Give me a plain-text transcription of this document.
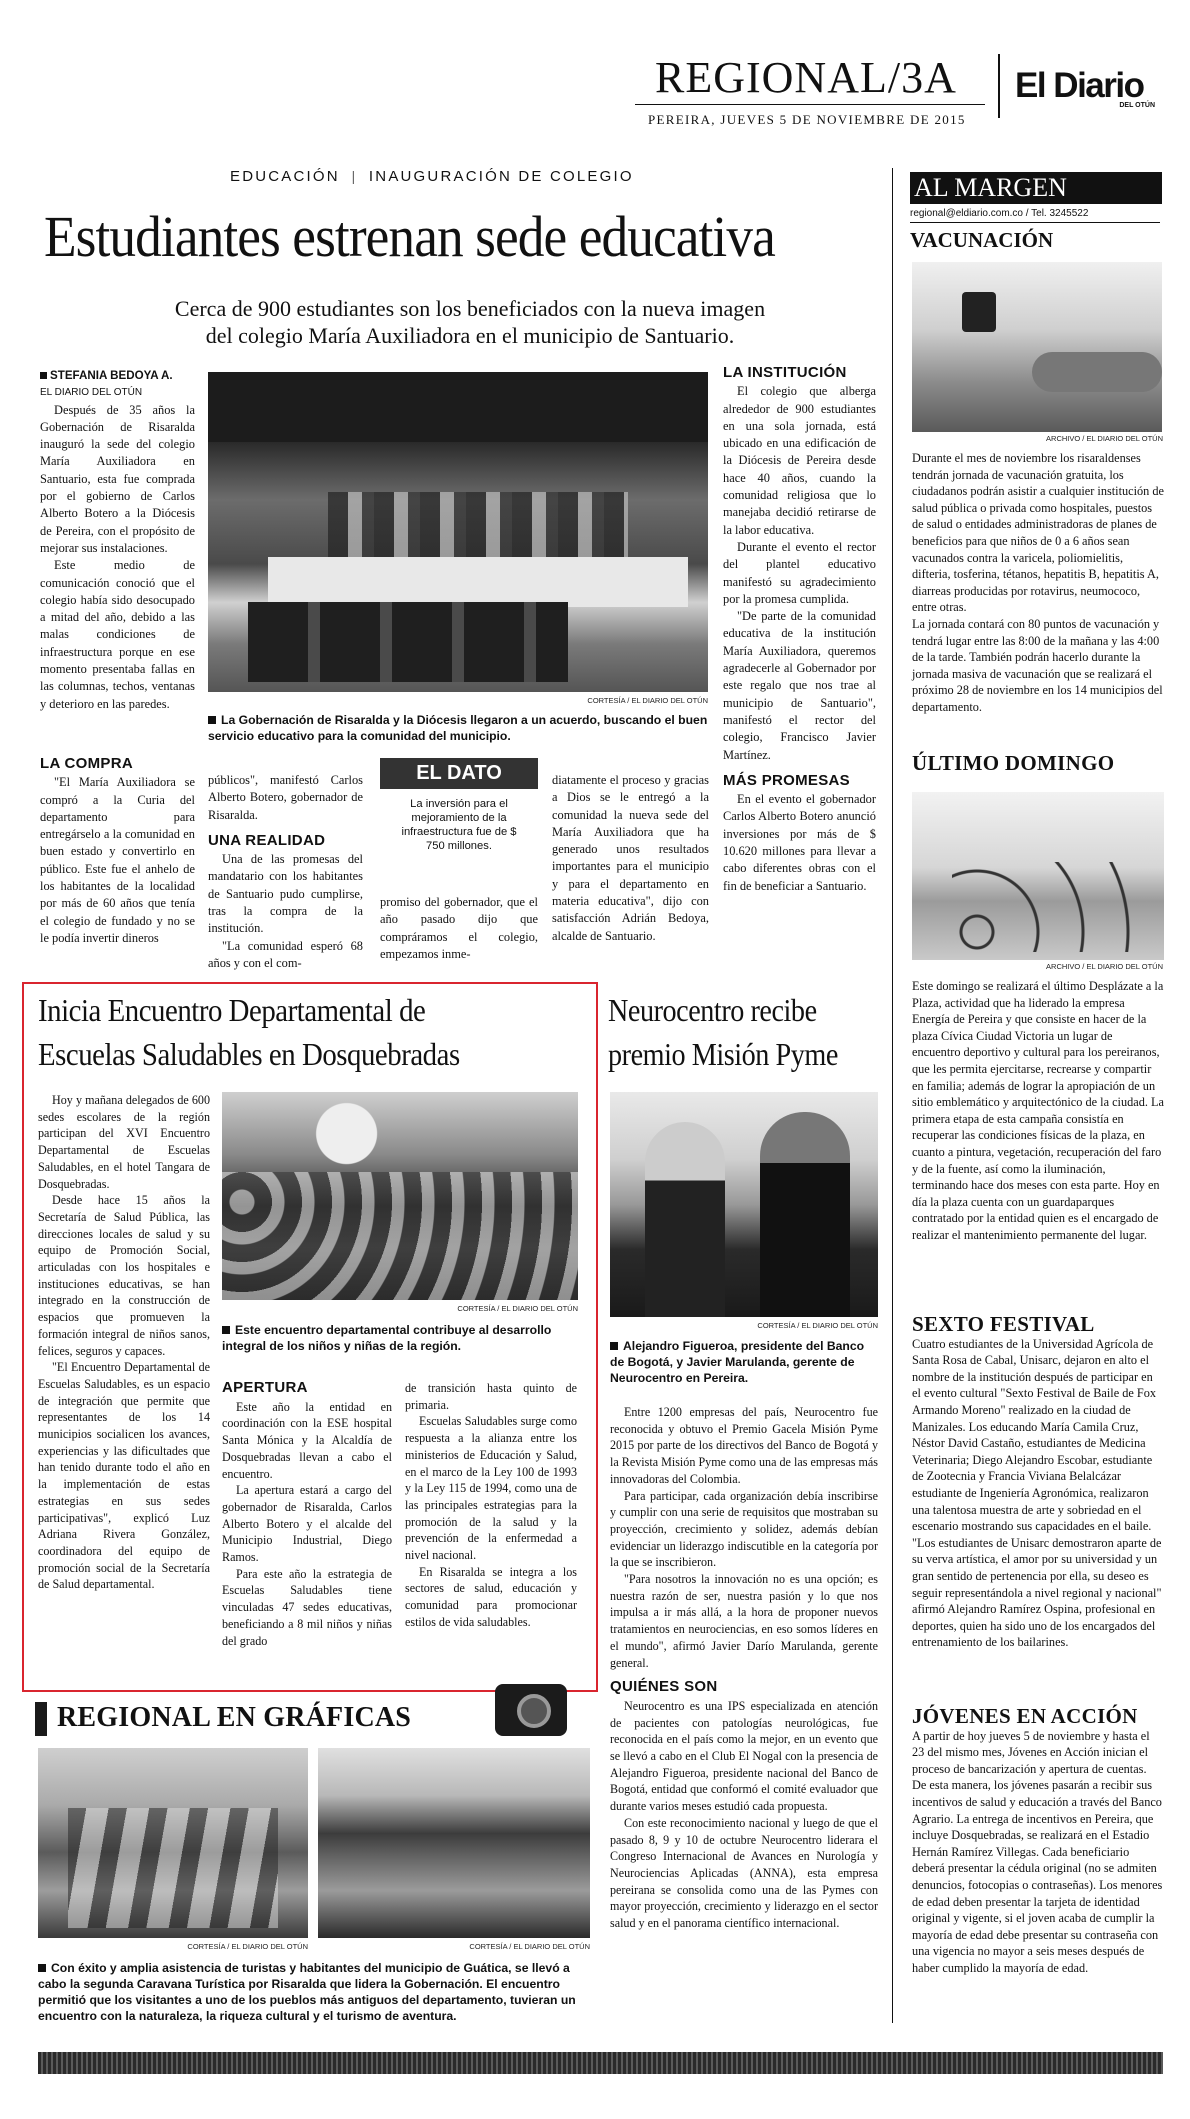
REGIONAL/3A El Diario
DEL OTÚN
PEREIRA, JUEVES 5 DE NOVIEMBRE DE 2015
EDUCACIÓN | INAUGURACIÓN DE COLEGIO
Estudiantes estrenan sede educativa
Cerca de 900 estudiantes son los beneficiados con la nueva imagen
del colegio María Auxiliadora en el municipio de Santuario.
STEFANIA BEDOYA A.
EL DIARIO DEL OTÚN

Después de 35 años la Gobernación de Risaralda inauguró la sede del colegio María Auxiliadora en Santuario, esta fue comprada por el gobierno de Carlos Alberto Botero a la Diócesis de Pereira, con el propósito de mejorar sus instalaciones.

Este medio de comunicación conoció que el colegio había sido desocupado a mitad del año, debido a las malas condiciones de infraestructura porque en ese momento presentaba fallas en las columnas, techos, ventanas y deterioro en las paredes.	CORTESÍA / EL DIARIO DEL OTÚN
La Gobernación de Risaralda y la Diócesis llegaron a un acuerdo, buscando el buen servicio educativo para la comunidad del municipio.
LA COMPRA

"El María Auxiliadora se compró a la Curia del departamento para entregárselo a la comunidad en buen estado y convertirlo en público. Este fue el anhelo de los habitantes de la localidad por más de 60 años que tenía el colegio de fundado y no se le podía invertir dineros

públicos", manifestó Carlos Alberto Botero, gobernador de Risaralda.

UNA REALIDAD

Una de las promesas del mandatario con los habitantes de Santuario pudo cumplirse, tras la compra de la institución.

"La comunidad esperó 68 años y con el com-

EL DATO
La inversión para el mejoramiento de la infraestructura fue de $ 750 millones.

promiso del gobernador, que el año pasado dijo que compráramos el colegio, empezamos inme-

diatamente el proceso y gracias a Dios se le entregó a la comunidad la nueva sede del María Auxiliadora que ha generado unos resultados importantes para el municipio y para el departamento en materia educativa", dijo con satisfacción Adrián Bedoya, alcalde de Santuario.

LA INSTITUCIÓN

El colegio que alberga alrededor de 900 estudiantes en una sola jornada, está ubicado en una edificación de la Diócesis de Pereira desde hace 40 años, cuando la comunidad religiosa que lo manejaba decidió retirarse de la labor educativa.

Durante el evento el rector del plantel educativo manifestó su agradecimiento por la promesa cumplida.

"De parte de la comunidad educativa de la institución María Auxiliadora, queremos agradecerle al Gobernador por este regalo que nos trae al municipio de Santuario", manifestó el rector del colegio, Francisco Javier Martínez.

MÁS PROMESAS

En el evento el gobernador Carlos Alberto Botero anunció inversiones por más de $ 10.620 millones para llevar a cabo diferentes obras con el fin de beneficiar a Santuario.

Inicia Encuentro Departamental de
Escuelas Saludables en Dosquebradas

Hoy y mañana delegados de 600 sedes escolares de la región participan del XVI Encuentro Departamental de Escuelas Saludables, en el hotel Tangara de Dosquebradas.

Desde hace 15 años la Secretaría de Salud Pública, las direcciones locales de salud y su equipo de Promoción Social, articuladas con los hospitales e instituciones educativas, se han integrado en la construcción de espacios que promueven la formación integral de niños sanos, felices, seguros y capaces.

"El Encuentro Departamental de Escuelas Saludables, es un espacio de integración que permite que representantes de los 14 municipios socialicen los avances, experiencias y las dificultades que han tenido durante todo el año en la implementación de estas estrategias en sus sedes participativas", explicó Luz Adriana Rivera González, coordinadora del equipo de promoción social de la Secretaría de Salud departamental.

CORTESÍA / EL DIARIO DEL OTÚN
Este encuentro departamental contribuye al desarrollo integral de los niños y niñas de la región.
APERTURA

Este año la entidad en coordinación con la ESE hospital Santa Mónica y la Alcaldía de Dosquebradas llevan a cabo el encuentro.

La apertura estará a cargo del gobernador de Risaralda, Carlos Alberto Botero y el alcalde del Municipio Industrial, Diego Ramos.

Para este año la estrategia de Escuelas Saludables tiene vinculadas 47 sedes educativas, beneficiando a 8 mil niños y niñas del grado

de transición hasta quinto de primaria.

Escuelas Saludables surge como respuesta a la alianza entre los ministerios de Educación y Salud, en el marco de la Ley 100 de 1993 y la Ley 115 de 1994, como una de las principales estrategias para la promoción de la salud y la prevención de la enfermedad a nivel nacional.

En Risaralda se integra a los sectores de salud, educación y comunidad para promocionar estilos de vida saludables.

Neurocentro recibe
premio Misión Pyme
CORTESÍA / EL DIARIO DEL OTÚN
Alejandro Figueroa, presidente del Banco de Bogotá, y Javier Marulanda, gerente de Neurocentro en Pereira.

Entre 1200 empresas del país, Neurocentro fue reconocida y obtuvo el Premio Gacela Misión Pyme 2015 por parte de los directivos del Banco de Bogotá y la Revista Misión Pyme como una de las empresas más innovadoras del Colombia.

Para participar, cada organización debía inscribirse y cumplir con una serie de requisitos que mostraban su proyección, crecimiento y solidez, además debían evidenciar un liderazgo indiscutible en la categoría por la que se inscribieron.

"Para nosotros la innovación no es una opción; es nuestra razón de ser, nuestra pasión y lo que nos impulsa a ir más allá, a la hora de proponer nuevos tratamientos en neurociencias, en eso somos líderes en el mundo", afirmó Javier Darío Marulanda, gerente general.

QUIÉNES SON

Neurocentro es una IPS especializada en atención de pacientes con patologías neurológicas, fue reconocida en el país como la mejor, en un evento que se llevó a cabo en el Club El Nogal con la presencia de Alejandro Figueroa, presidente nacional del Banco de Bogotá, entidad que conformó el comité evaluador que durante varios meses estudió cada propuesta.

Con este reconocimiento nacional y luego de que el pasado 8, 9 y 10 de octubre Neurocentro liderara el Congreso Internacional de Avances en Nurología y Neurociencias Aplicadas (ANNA), esta empresa pereirana se consolida como una de las Pymes con mayor proyección, crecimiento y liderazgo en el sector salud y en el panorama científico internacional.

REGIONAL EN GRÁFICAS
CORTESÍA / EL DIARIO DEL OTÚN	CORTESÍA / EL DIARIO DEL OTÚN
Con éxito y amplia asistencia de turistas y habitantes del municipio de Guática, se llevó a cabo la segunda Caravana Turística por Risaralda que lidera la Gobernación. El encuentro permitió que los visitantes a uno de los pueblos más antiguos del departamento, tuvieran un encuentro con la naturaleza, la riqueza cultural y el turismo de aventura.
AL MARGEN
regional@eldiario.com.co / Tel. 3245522
VACUNACIÓN
ARCHIVO / EL DIARIO DEL OTÚN

Durante el mes de noviembre los risaraldenses tendrán jornada de vacunación gratuita, los ciudadanos podrán asistir a cualquier institución de salud pública o privada como hospitales, puestos de salud o entidades administradoras de planes de beneficios para que niños de 0 a 6 años sean vacunados contra la varicela, poliomielitis, difteria, tosferina, tétanos, hepatitis B, hepatitis A, diarreas producidas por rotavirus, neumococo, entre otras.

La jornada contará con 80 puntos de vacunación y tendrá lugar entre las 8:00 de la mañana y las 4:00 de la tarde. También podrán hacerlo durante la jornada masiva de vacunación que se realizará el próximo 28 de noviembre en los 14 municipios del departamento.

ÚLTIMO DOMINGO
ARCHIVO / EL DIARIO DEL OTÚN

Este domingo se realizará el último Desplázate a la Plaza, actividad que ha liderado la empresa Energía de Pereira y que consiste en hacer de la plaza Cívica Ciudad Victoria un lugar de encuentro deportivo y cultural para los pereiranos, que les permita ejercitarse, recrearse y compartir en familia; además de lograr la apropiación de un sitio emblemático y arquitectónico de la ciudad. La primera etapa de esta campaña consistía en recuperar las condiciones físicas de la plaza, en cuanto a pintura, vegetación, recuperación del faro y de la fuente, así como la iluminación, terminando hace dos meses con esta parte. Hoy en día la plaza cuenta con un guardaparques contratado por la entidad quien es el encargado de realizar el mantenimiento permanente del lugar.

SEXTO FESTIVAL

Cuatro estudiantes de la Universidad Agrícola de Santa Rosa de Cabal, Unisarc, dejaron en alto el nombre de la institución después de participar en el evento cultural "Sexto Festival de Baile de Fox Armando Moreno" realizado en la ciudad de Manizales. Los educando María Camila Cruz, Néstor David Castaño, estudiantes de Medicina Veterinaria; Diego Alejandro Escobar, estudiante de Zootecnia y Francia Viviana Belalcázar estudiante de Ingeniería Agronómica, realizaron una talentosa muestra de arte y sobriedad en el escenario mostrando sus capacidades en el baile.

"Los estudiantes de Unisarc demostraron aparte de su verva artística, el amor por su universidad y un gran sentido de pertenencia por ella, su deseo es seguir representándola a nivel regional y nacional" afirmó Alejandro Ramírez Ospina, profesional en deportes, quien ha sido uno de los encargados del entrenamiento de los bailarines.

JÓVENES EN ACCIÓN

A partir de hoy jueves 5 de noviembre y hasta el 23 del mismo mes, Jóvenes en Acción inician el proceso de bancarización y apertura de cuentas.

De esta manera, los jóvenes pasarán a recibir sus incentivos de salud y educación a través del Banco Agrario. La entrega de incentivos en Pereira, que incluye Dosquebradas, se realizará en el Estadio Hernán Ramírez Villegas. Cada beneficiario deberá presentar la cédula original (no se admiten denuncios, fotocopias o contraseñas). Los menores de edad deben presentar la tarjeta de identidad original y vigente, si el joven acaba de cumplir la mayoría de edad debe presentar su contraseña con una vigencia no mayor a seis meses después de haber cumplido la mayoría de edad.
